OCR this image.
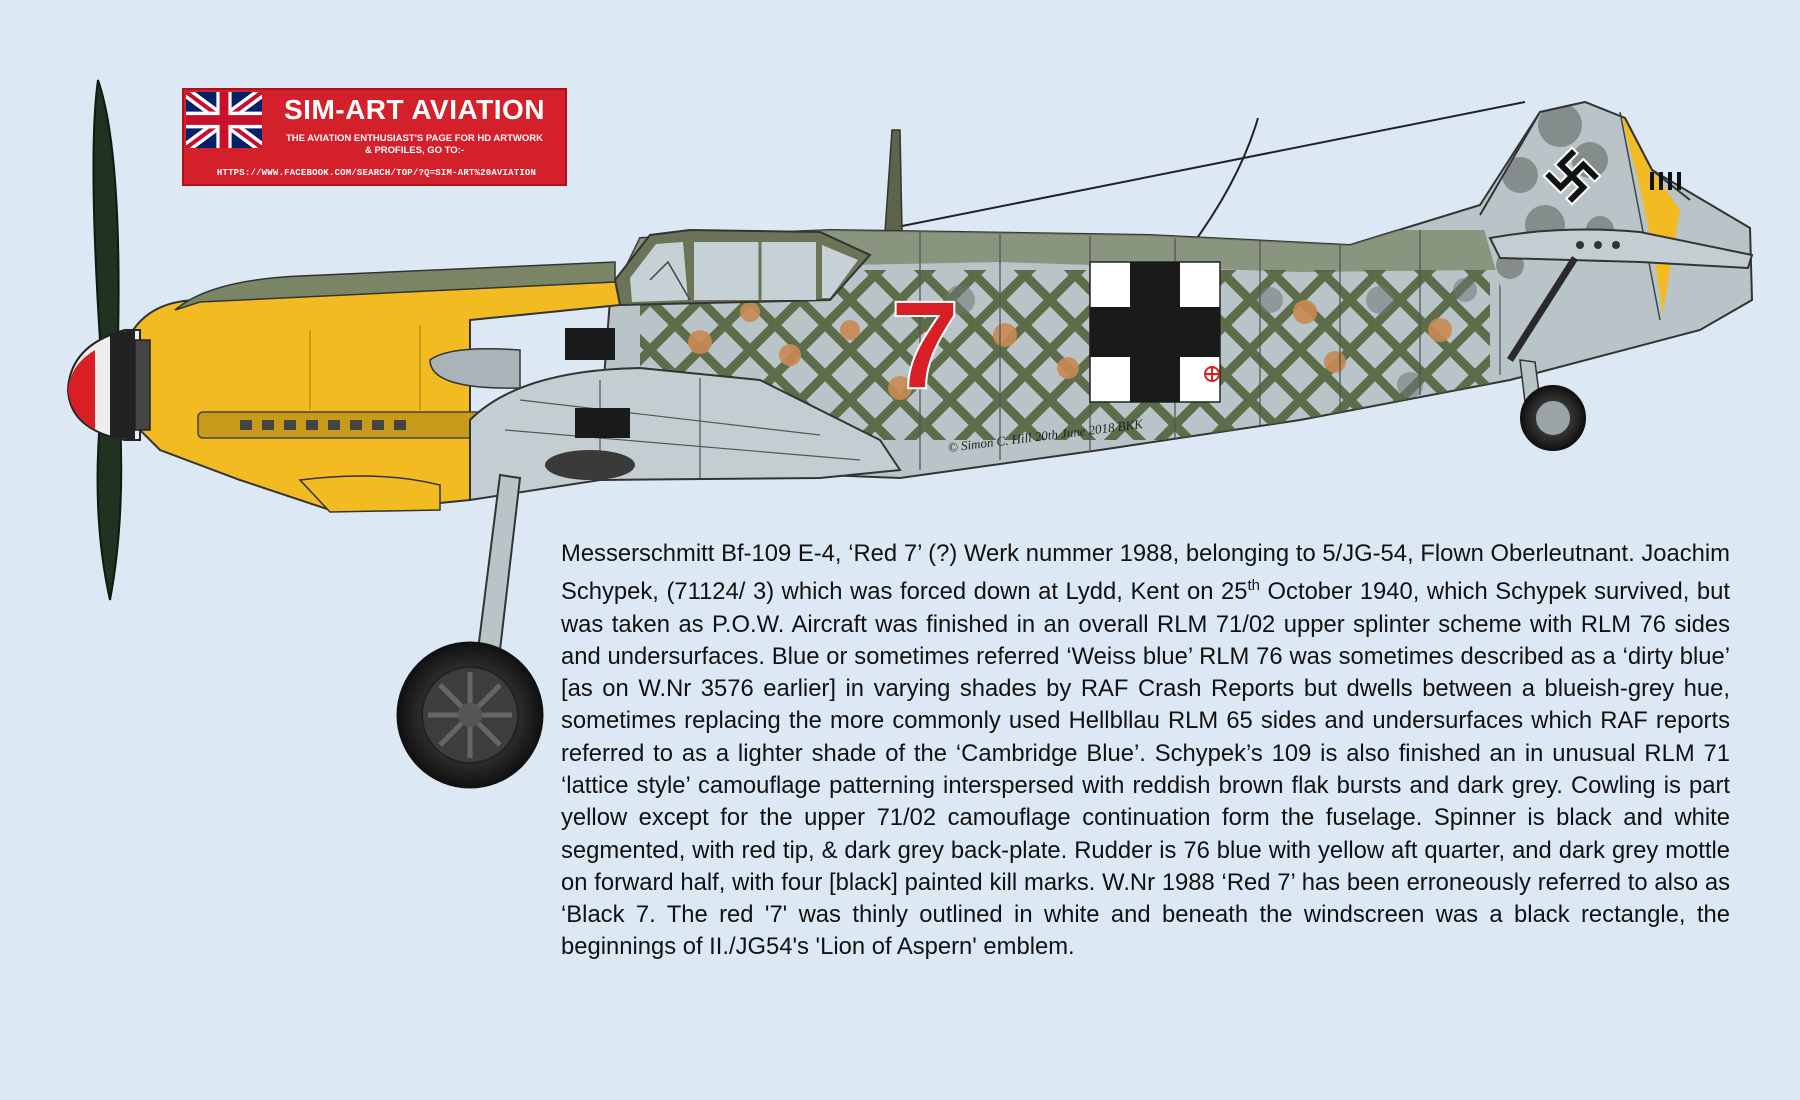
7
SIM-ART AVIATION
THE AVIATION ENTHUSIAST'S PAGE FOR HD ARTWORK
& PROFILES, GO TO:-
HTTPS://WWW.FACEBOOK.COM/SEARCH/TOP/?Q=SIM-ART%20AVIATION
© Simon C. Hill 20th June 2018 BKK

Messerschmitt Bf-109 E-4, ‘Red 7’ (?) Werk nummer 1988, belonging to 5/JG-54, Flown Oberleutnant. Joachim Schypek, (71124/ 3) which was forced down at Lydd, Kent on 25th October 1940, which Schypek survived, but was taken as P.O.W. Aircraft was finished in an overall RLM 71/02 upper splinter scheme with RLM 76 sides and undersurfaces. Blue or sometimes referred ‘Weiss blue’ RLM 76 was sometimes described as a ‘dirty blue’ [as on W.Nr 3576 earlier] in varying shades by RAF Crash Reports but dwells between a blueish-grey hue, sometimes replacing the more commonly used Hellbllau RLM 65 sides and undersurfaces which RAF reports referred to as a lighter shade of the ‘Cambridge Blue’. Schypek’s 109 is also finished an in unusual RLM 71 ‘lattice style’ camouflage patterning interspersed with reddish brown flak bursts and dark grey. Cowling is part yellow except for the upper 71/02 camouflage continuation form the fuselage. Spinner is black and white segmented, with red tip, & dark grey back-plate. Rudder is 76 blue with yellow aft quarter, and dark grey mottle on forward half, with four [black] painted kill marks. W.Nr 1988 ‘Red 7’ has been erroneously referred to also as ‘Black 7. The red '7' was thinly outlined in white and beneath the windscreen was a black rectangle, the beginnings of II./JG54's 'Lion of Aspern' emblem.
